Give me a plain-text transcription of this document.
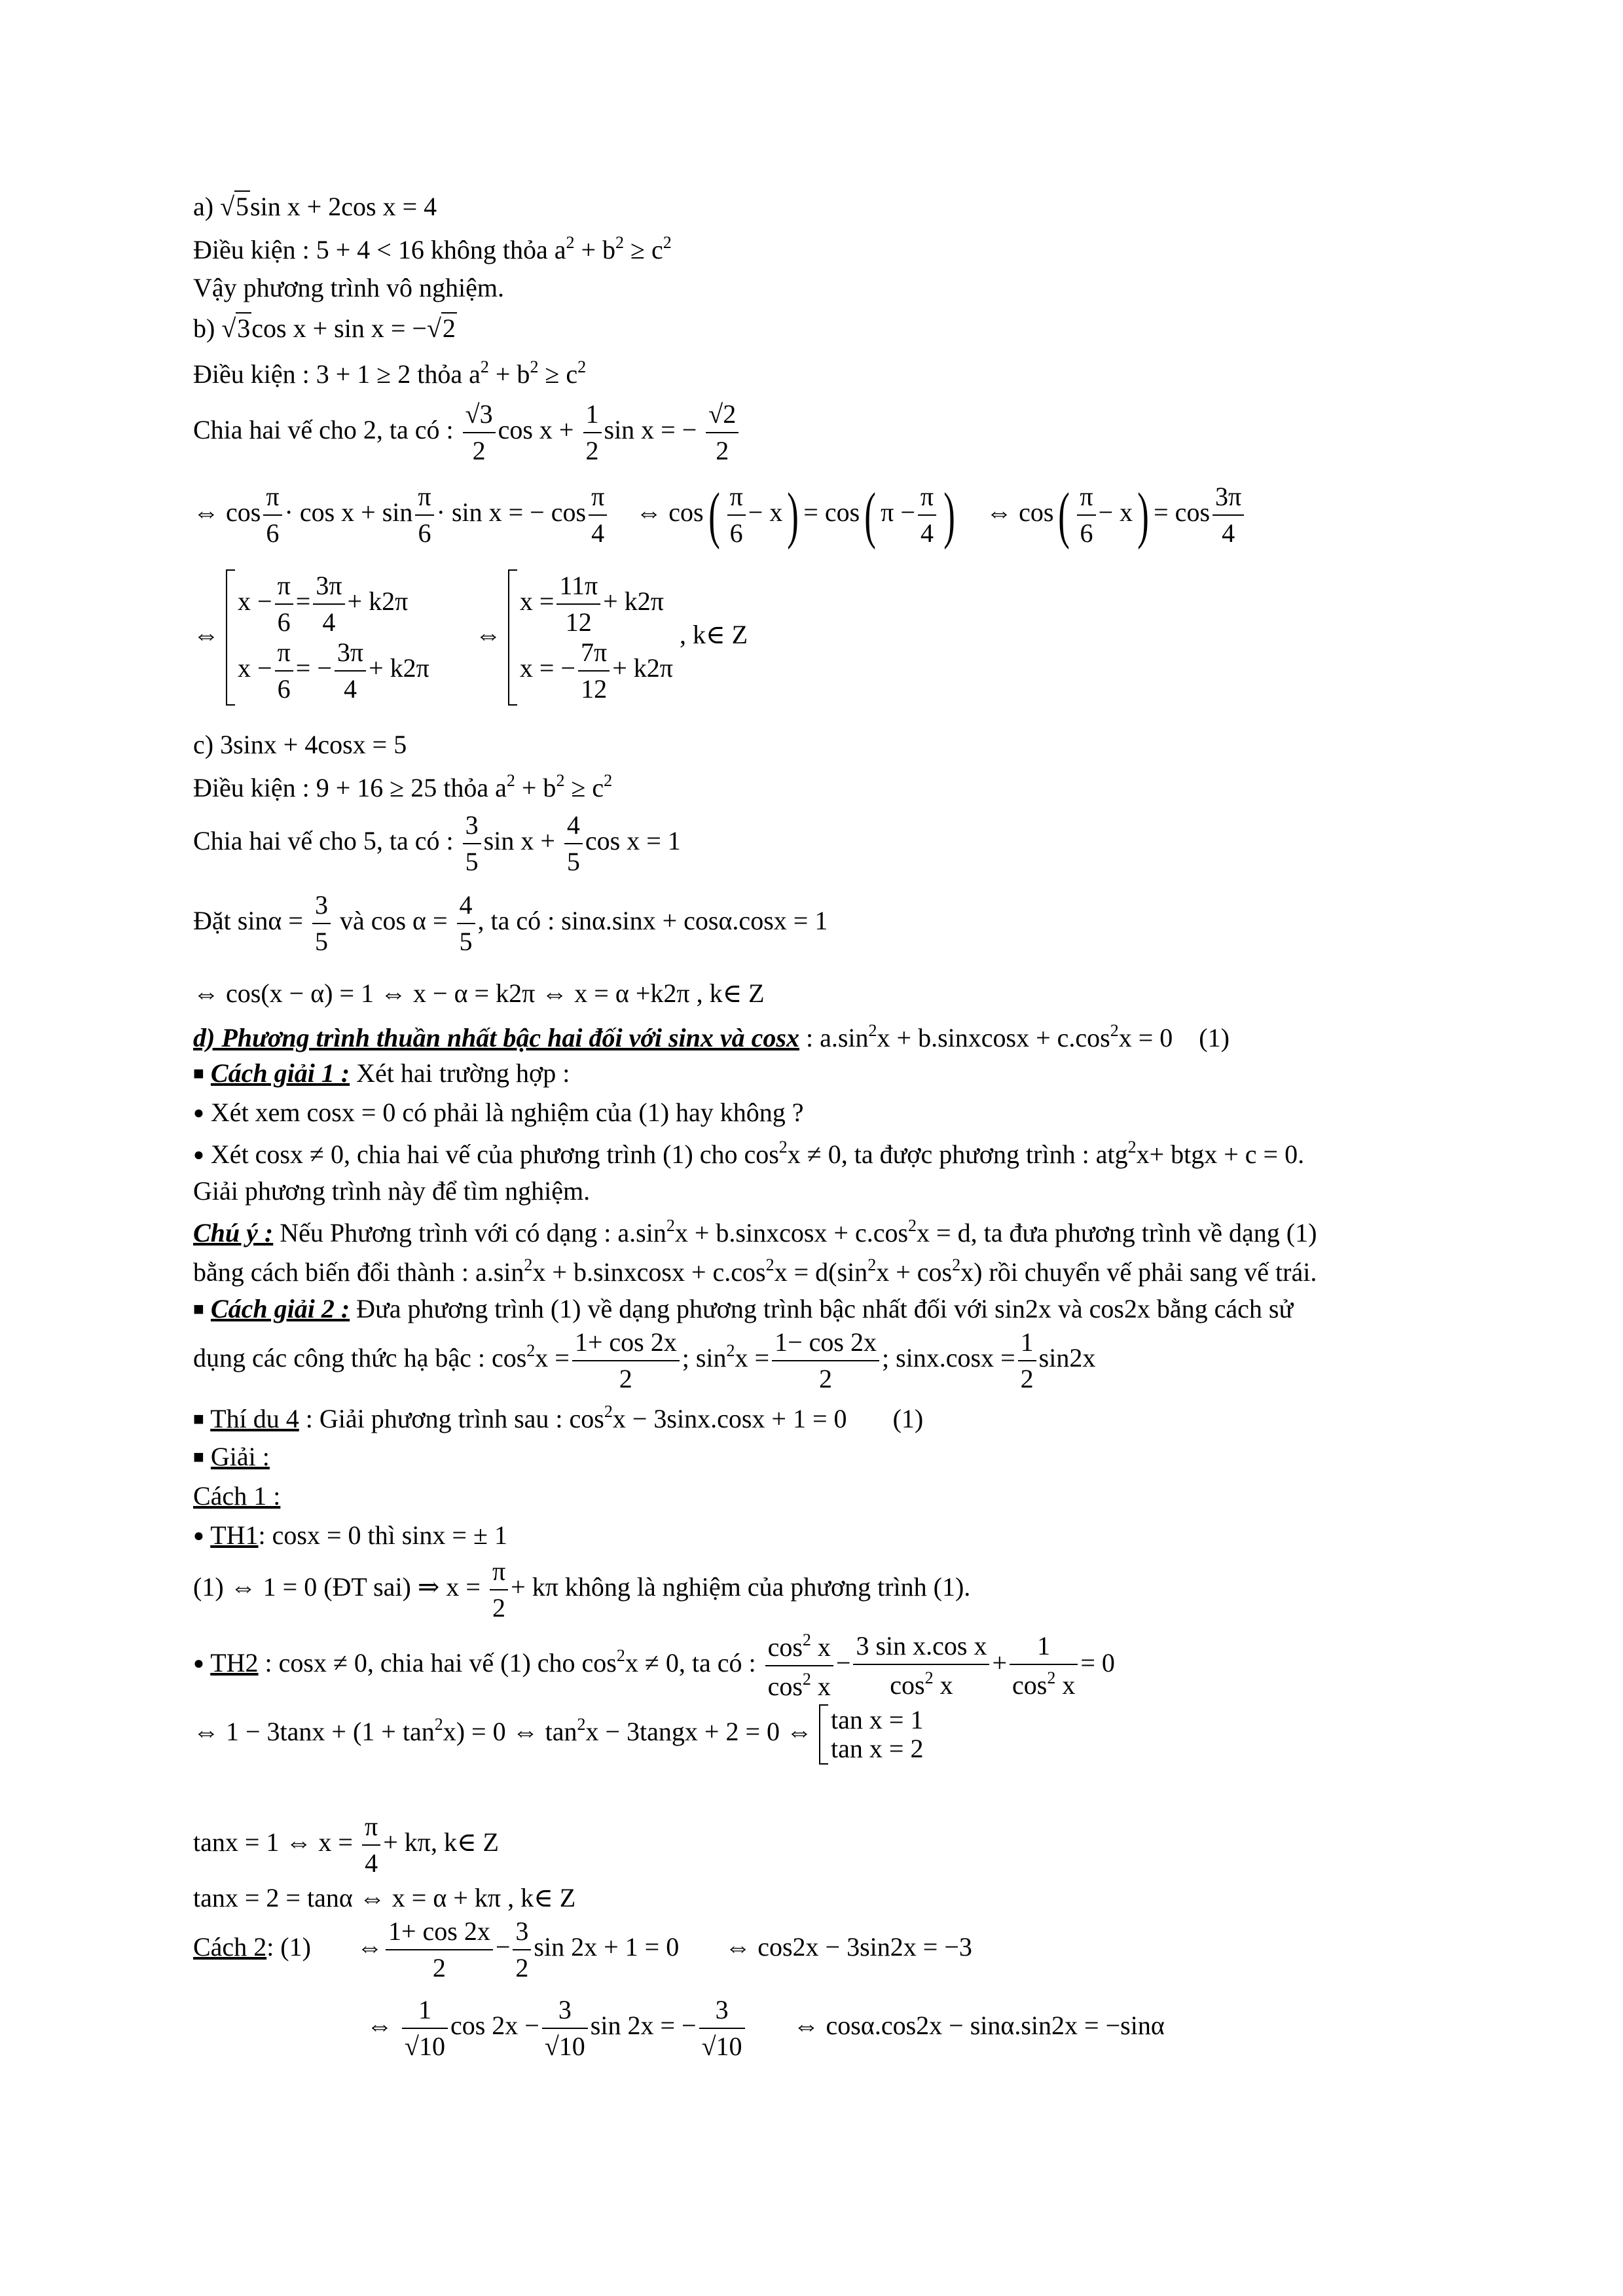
a) √5sin x + 2cos x = 4
Điều kiện : 5 + 4 < 16 không thỏa $a^2 + b^2 \ge c^2$
Vậy phương trình vô nghiệm.
b) √3cos x + sin x = −√2
Điều kiện : 3 + 1 ≥ 2 thỏa $a^2 + b^2 \ge c^2$
Chia hai vế cho 2, ta có : $\frac{√3}{2}$ $\cos x + \frac{1}{2}$ sin x = − $\frac{√2}{2}$
⇔ $\cos \frac{\pi}{6} \cdot \cos x + \sin \frac{\pi}{6} \cdot \sin x$ = − $\cos \frac{\pi}{4}$ ⇔ $\cos( \frac{\pi}{6} - x) = \cos$( $\pi - \frac{\pi}{4}$ ) ⇔ $\cos( \frac{\pi}{6} - x) = \cos \frac{3\pi}{4}$
⇔
$x - \frac{\pi}{6} = \frac{3\pi}{4} + k2\pi$
$x - \frac{\pi}{6}$ = − $\frac{3\pi}{4} + k2\pi$
⇔
$x = \frac{11\pi}{12} + k2\pi$
x = − $\frac{7\pi}{12} + k2\pi$
, k∈ Z
c) 3sinx + 4cosx = 5
Điều kiện : 9 + 16 ≥ 25 thỏa $a^2 + b^2 \ge c^2$
Chia hai vế cho 5, ta có : $\frac{3}{5}$ $\sin x + \frac{4}{5}$ cos x = 1
Đặt $\sin\alpha = \frac{3}{5}$ và $\cos \alpha = \frac{4}{5}$ , ta có : sinα.sinx + cosα.cosx = 1
⇔ cos(x − α) = 1 ⇔ x − α = k2π ⇔ x = α +k2π , k∈ Z
d) Phương trình thuần nhất bậc hai đối với sinx và cosx : $a.\sin^2x$ + b.sinxcosx + $c.\cos^2x = 0$ (1)
■ Cách giải 1 : Xét hai trường hợp :
● Xét xem cosx = 0 có phải là nghiệm của (1) hay không ?
● Xét cosx ≠ 0, chia hai vế của phương trình (1) cho $\cos^2x \ne 0$, ta được phương trình : atg$^2$x+ btgx + c = 0.
Giải phương trình này để tìm nghiệm.
Chú ý : Nếu Phương trình với có dạng : $a.\sin^2x$ + b.sinxcosx + $c.\cos^2x = d$, ta đưa phương trình về dạng (1)
bằng cách biến đổi thành : $a.\sin^2x$ + b.sinxcosx + $c.\cos^2x = d(\sin^2x + \cos^2x)$ rồi chuyển vế phải sang vế trái.
■ Cách giải 2 : Đưa phương trình (1) về dạng phương trình bậc nhất đối với sin2x và cos2x bằng cách sử
dụng các công thức hạ bậc : $\cos^2x = \frac{1+ \cos 2x}{2}$ ; $\sin^2x = \frac{1- \cos 2x}{2}$ ; $\sin x.\cos x = \frac{1}{2} \sin 2x$
■ Thí du 4 : Giải phương trình sau : $\cos^2x - 3\sin x.\cos x + 1 = 0$ (1)
■ Giải :
Cách 1 :
● TH1: cosx = 0 thì sinx = ± 1
(1) ⇔ 1 = 0 (ĐT sai) ⇒ $x = \frac{\pi}{2} + k\pi$ không là nghiệm của phương trình (1).
● TH2 : cosx ≠ 0, chia hai vế (1) cho $\cos^2x \ne 0$, ta có : $\frac{\cos^2 x}{\cos^2 x} - \frac{\text{3 sin x.cos x}}{\cos^2 x} + \frac{1}{\cos^2 x} = 0$
⇔ $1 - 3\tan x + (1 + \tan^2x) = 0$ ⇔ $\tan^2x$ − 3tangx + 2 = 0 ⇔ tan x = 1
tan x = 2
tanx = 1 ⇔ $x = \frac{\pi}{4} + k\pi$, k∈ Z
tanx = 2 = tanα ⇔ x = α + kπ , k∈ Z
Cách 2: (1) ⇔ $\frac{1+ \cos 2x}{2} - \frac{3}{2}$ sin 2x + 1 = 0 ⇔ cos2x − 3sin2x = −3
⇔ $\frac{1}{√10}$ $\cos 2x - \frac{3}{√10}$ sin 2x = − $\frac{3}{√10}$ ⇔ cosα.cos2x − sinα.sin2x = −sinα
